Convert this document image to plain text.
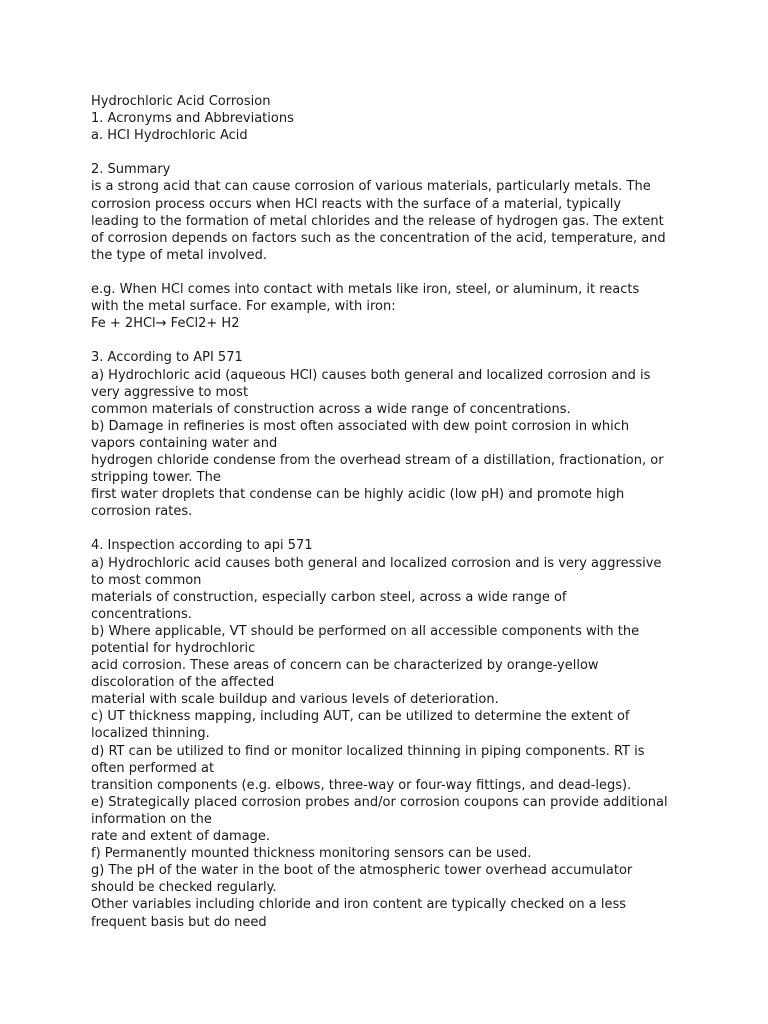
Hydrochloric Acid Corrosion
1. Acronyms and Abbreviations
a. HCI Hydrochloric Acid
2. Summary
is a strong acid that can cause corrosion of various materials, particularly metals. The
corrosion process occurs when HCl reacts with the surface of a material, typically
leading to the formation of metal chlorides and the release of hydrogen gas. The extent
of corrosion depends on factors such as the concentration of the acid, temperature, and
the type of metal involved.
e.g. When HCl comes into contact with metals like iron, steel, or aluminum, it reacts
with the metal surface. For example, with iron:
Fe + 2HCl→ FeCl2+ H2
3. According to API 571
a) Hydrochloric acid (aqueous HCl) causes both general and localized corrosion and is
very aggressive to most
common materials of construction across a wide range of concentrations.
b) Damage in refineries is most often associated with dew point corrosion in which
vapors containing water and
hydrogen chloride condense from the overhead stream of a distillation, fractionation, or
stripping tower. The
first water droplets that condense can be highly acidic (low pH) and promote high
corrosion rates.
4. Inspection according to api 571
a) Hydrochloric acid causes both general and localized corrosion and is very aggressive
to most common
materials of construction, especially carbon steel, across a wide range of
concentrations.
b) Where applicable, VT should be performed on all accessible components with the
potential for hydrochloric
acid corrosion. These areas of concern can be characterized by orange-yellow
discoloration of the affected
material with scale buildup and various levels of deterioration.
c) UT thickness mapping, including AUT, can be utilized to determine the extent of
localized thinning.
d) RT can be utilized to find or monitor localized thinning in piping components. RT is
often performed at
transition components (e.g. elbows, three-way or four-way fittings, and dead-legs).
e) Strategically placed corrosion probes and/or corrosion coupons can provide additional
information on the
rate and extent of damage.
f) Permanently mounted thickness monitoring sensors can be used.
g) The pH of the water in the boot of the atmospheric tower overhead accumulator
should be checked regularly.
Other variables including chloride and iron content are typically checked on a less
frequent basis but do need
